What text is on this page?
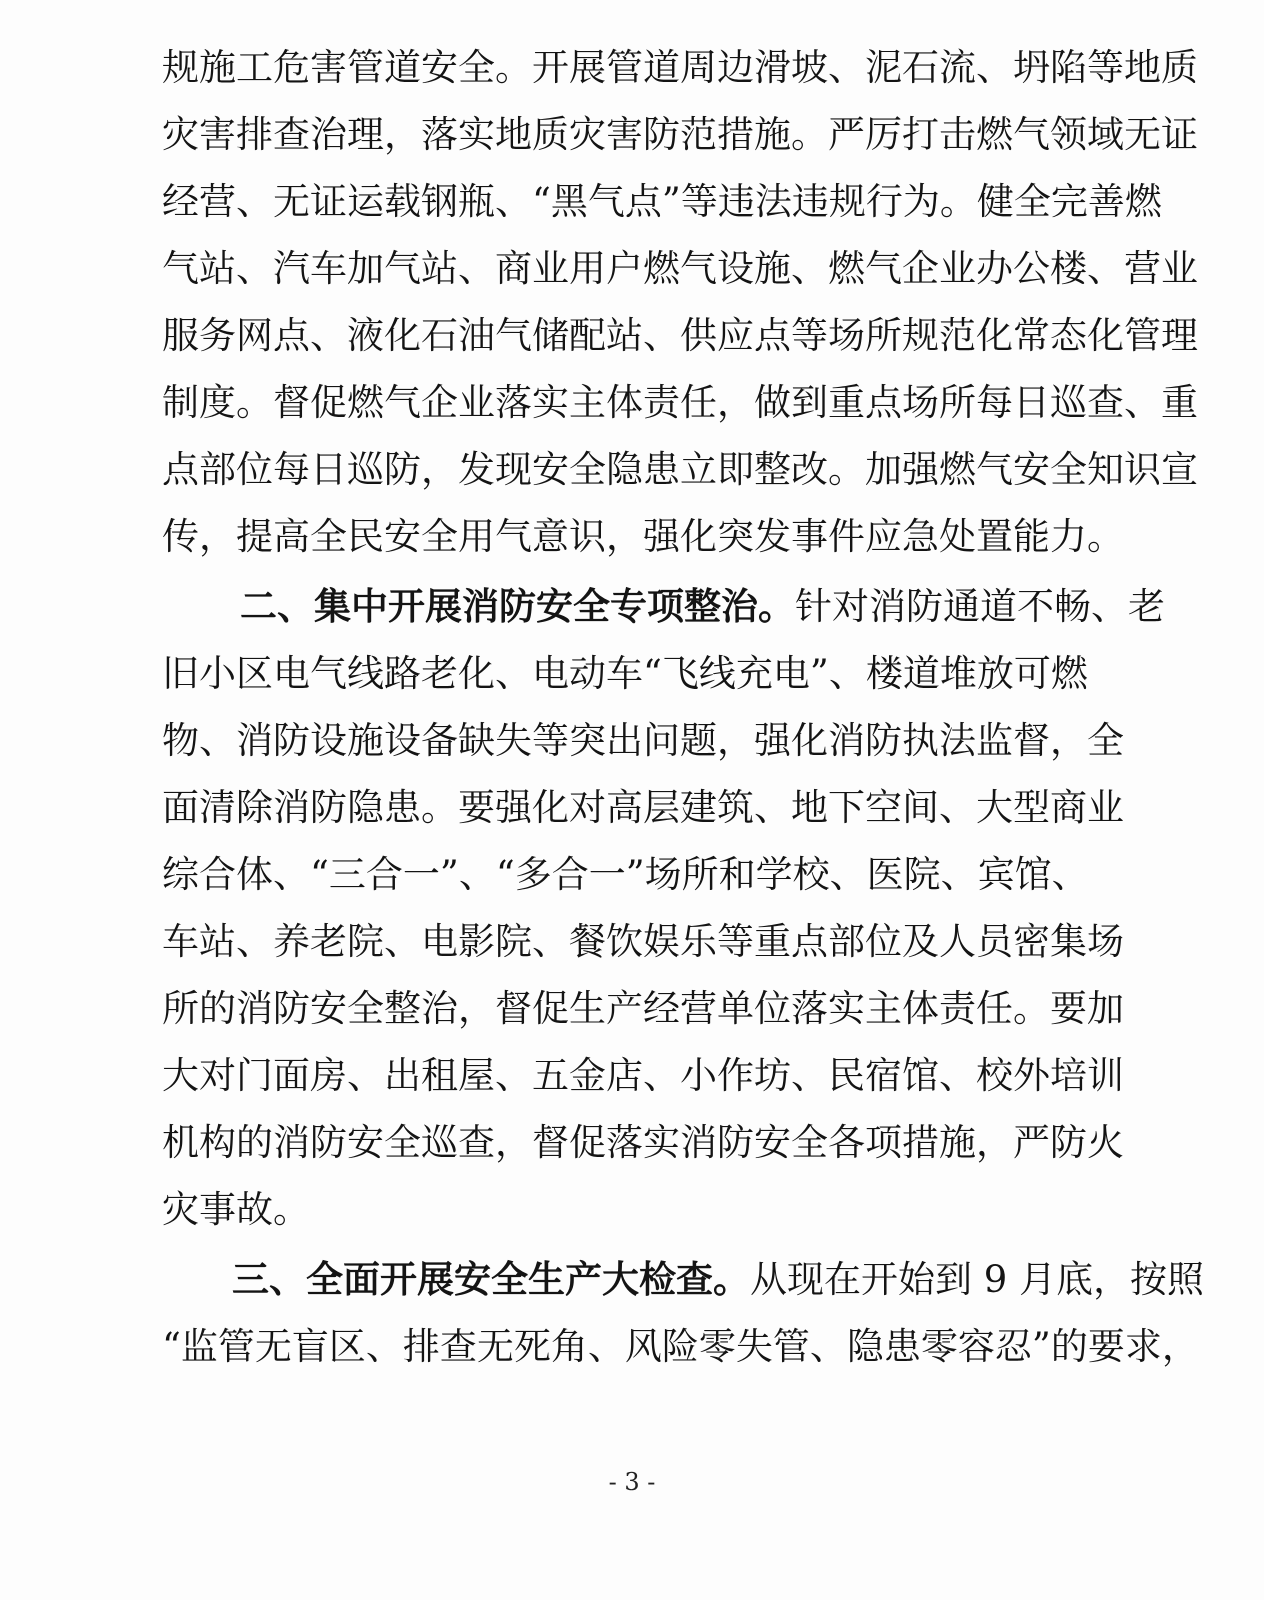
规施工危害管道安全。开展管道周边滑坡、泥石流、坍陷等地质
灾害排查治理，落实地质灾害防范措施。严厉打击燃气领域无证
经营、无证运载钢瓶、“黑气点”等违法违规行为。健全完善燃
气站、汽车加气站、商业用户燃气设施、燃气企业办公楼、营业
服务网点、液化石油气储配站、供应点等场所规范化常态化管理
制度。督促燃气企业落实主体责任，做到重点场所每日巡查、重
点部位每日巡防，发现安全隐患立即整改。加强燃气安全知识宣
传，提高全民安全用气意识，强化突发事件应急处置能力。
二、集中开展消防安全专项整治。针对消防通道不畅、老
旧小区电气线路老化、电动车“飞线充电”、楼道堆放可燃
物、消防设施设备缺失等突出问题，强化消防执法监督，全
面清除消防隐患。要强化对高层建筑、地下空间、大型商业
综合体、“三合一”、“多合一”场所和学校、医院、宾馆、
车站、养老院、电影院、餐饮娱乐等重点部位及人员密集场
所的消防安全整治，督促生产经营单位落实主体责任。要加
大对门面房、出租屋、五金店、小作坊、民宿馆、校外培训
机构的消防安全巡查，督促落实消防安全各项措施，严防火
灾事故。
三、全面开展安全生产大检查。从现在开始到 9 月底，按照
“监管无盲区、排查无死角、风险零失管、隐患零容忍”的要求，
- 3 -
